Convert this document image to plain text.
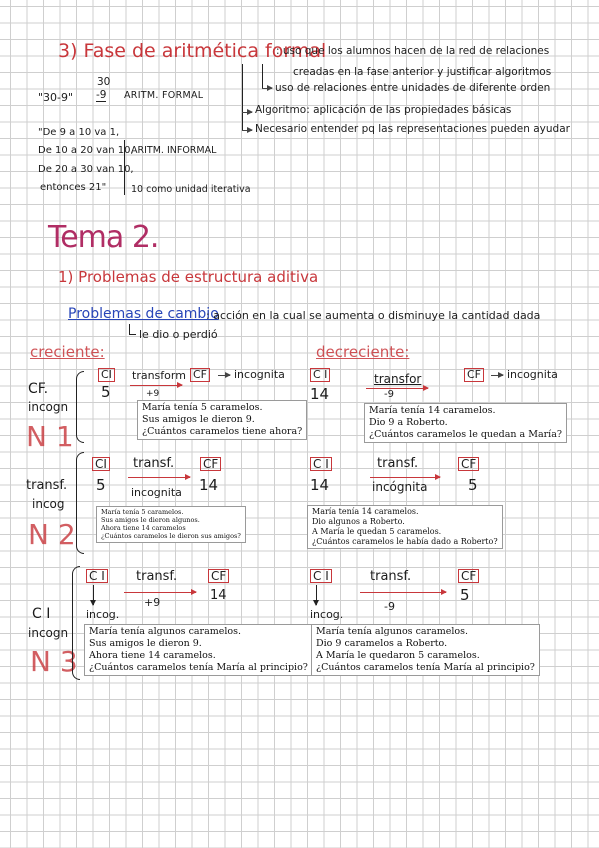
3) Fase de aritmética formal
: uso que los alumnos hacen de la red de relaciones
creadas en la fase anterior y justificar algoritmos
uso de relaciones entre unidades de diferente orden
Algoritmo: aplicación de las propiedades básicas
Necesario entender pq las representaciones pueden ayudar
"30-9"
30
-9 ARITM. FORMAL
"De 9 a 10 va 1,
De 10 a 20 van 10,
De 20 a 30 van 10,
entonces 21"
ARITM. INFORMAL
10 como unidad iterativa
Tema 2.
1) Problemas de estructura aditiva
Problemas de cambio
: acción en la cual se aumenta o disminuye la cantidad dada
le dio o perdió
creciente:	decreciente:
CF.
incogn
N 1
CI
5
transform
+9
CF incognita
María tenía 5 caramelos.
Sus amigos le dieron 9.
¿Cuántos caramelos tiene ahora?
C I
14
transfor
-9
CF incognita
María tenía 14 caramelos.
Dio 9 a Roberto.
¿Cuántos caramelos le quedan a María?
transf.
incog
N 2
CI
5
transf.
incognita
CF
14
María tenía 5 caramelos.
Sus amigos le dieron algunos.
Ahora tiene 14 caramelos
¿Cuántos caramelos le dieron sus amigos?
C I
14
transf.
incógnita
CF
5
María tenía 14 caramelos.
Dio algunos a Roberto.
A María le quedan 5 caramelos.
¿Cuántos caramelos le había dado a Roberto?
C I
incogn
N 3
C I
incog.
transf.
+9
CF
14
María tenía algunos caramelos.
Sus amigos le dieron 9.
Ahora tiene 14 caramelos.
¿Cuántos caramelos tenía María al principio?
C I
incog.
transf.
-9
CF
5
María tenía algunos caramelos.
Dio 9 caramelos a Roberto.
A María le quedaron 5 caramelos.
¿Cuántos caramelos tenía María al principio?
